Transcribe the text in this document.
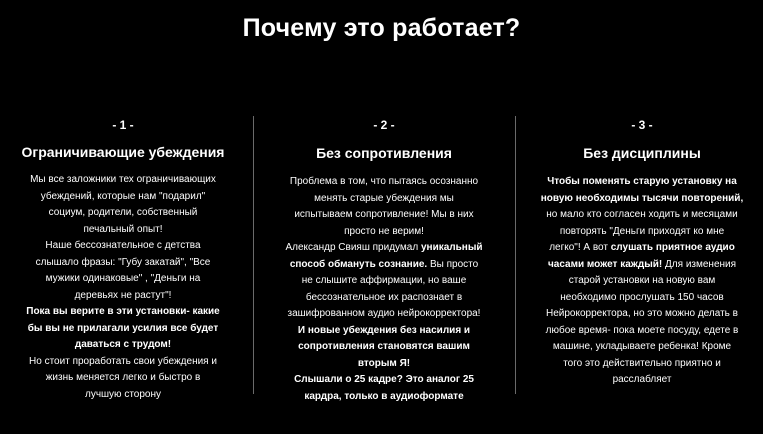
Почему это работает?
- 1 -
Ограничивающие убеждения
Мы все заложники тех ограничивающих
убеждений, которые нам "подарил"
социум, родители, собственный
печальный опыт!
Наше бессознательное с детства
слышало фразы: "Губу закатай", "Все
мужики одинаковые" , "Деньги на
деревьях не растут"!
Пока вы верите в эти установки- какие
бы вы не прилагали усилия все будет
даваться с трудом!
Но стоит проработать свои убеждения и
жизнь меняется легко и быстро в
лучшую сторону
- 2 -
Без сопротивления
Проблема в том, что пытаясь осознанно
менять старые убеждения мы
испытываем сопротивление! Мы в них
просто не верим!
Александр Свияш придумал уникальный
способ обмануть сознание. Вы просто
не слышите аффирмации, но ваше
бессознательное их распознает в
зашифрованном аудио нейрокорректора!
И новые убеждения без насилия и
сопротивления становятся вашим
вторым Я!
Слышали о 25 кадре? Это аналог 25
кардра, только в аудиоформате
- 3 -
Без дисциплины
Чтобы поменять старую установку на
новую необходимы тысячи повторений,
но мало кто согласен ходить и месяцами
повторять "Деньги приходят ко мне
легко"! А вот слушать приятное аудио
часами может каждый! Для изменения
старой установки на новую вам
необходимо прослушать 150 часов
Нейрокорректора, но это можно делать в
любое время- пока моете посуду, едете в
машине, укладываете ребенка! Кроме
того это действительно приятно и
расслабляет
